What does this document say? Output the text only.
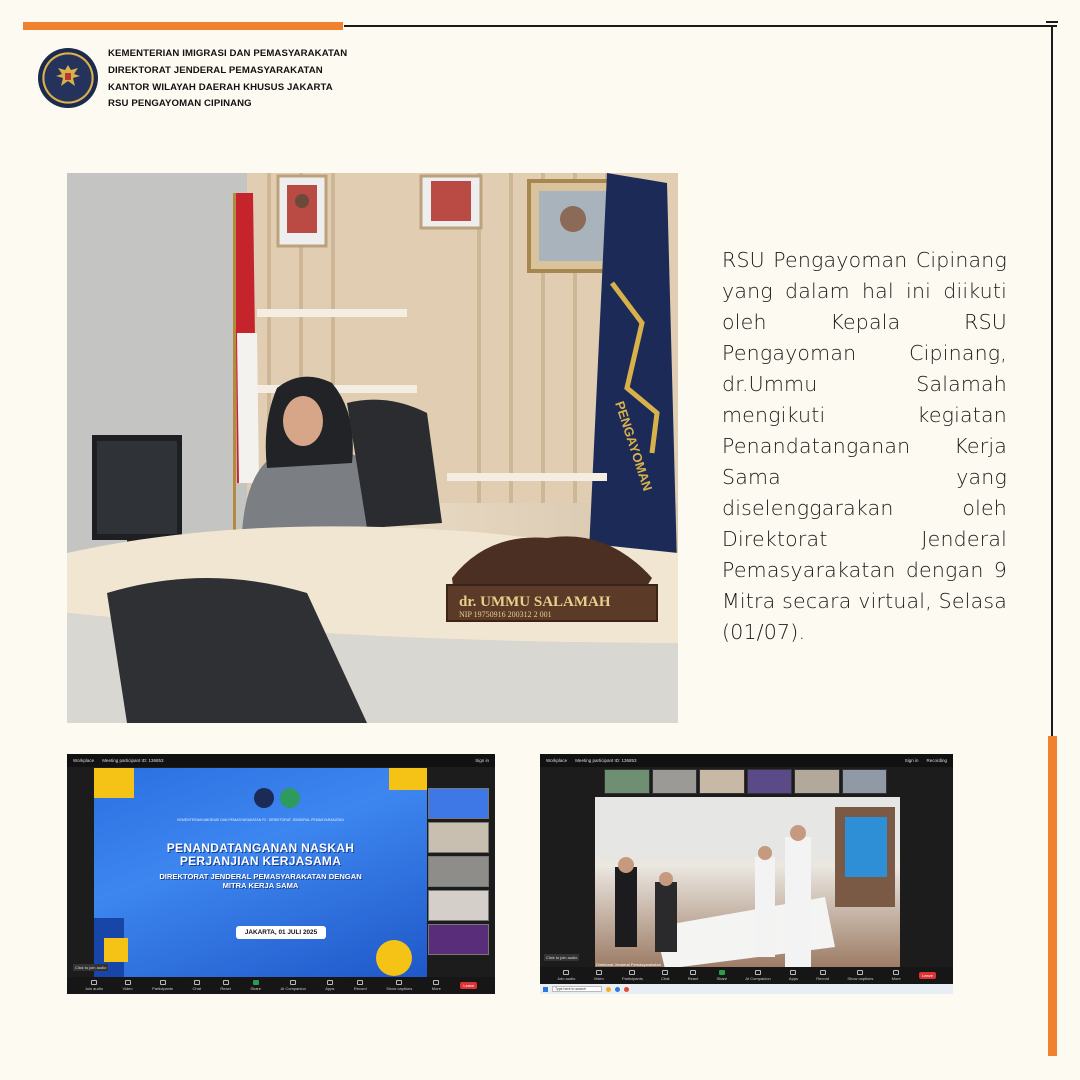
KEMENTERIAN IMIGRASI DAN PEMASYARAKATAN
DIREKTORAT JENDERAL PEMASYARAKATAN
KANTOR WILAYAH DAERAH KHUSUS JAKARTA
RSU PENGAYOMAN CIPINANG
PENGAYOMAN
dr. UMMU SALAMAH
NIP 19750916 200312 2 001
RSU Pengayoman Cipinang yang dalam hal ini diikuti oleh Kepala RSU Pengayoman Cipinang, dr.Ummu Salamah mengikuti kegiatan Penandatanganan Kerja Sama yang diselenggarakan oleh Direktorat Jenderal Pemasyarakatan dengan 9 Mitra secara virtual, Selasa (01/07).
Workplace Meeting participant ID: 136853	Sign in
KEMENTERIAN IMIGRASI DAN PEMASYARAKATAN RI · DIREKTORAT JENDERAL PEMASYARAKATAN
PENANDATANGANAN NASKAH
PERJANJIAN KERJASAMA
DIREKTORAT JENDERAL PEMASYARAKATAN DENGAN
MITRA KERJA SAMA
JAKARTA, 01 JULI 2025
Click to join audio
Join audio	Video	Participants	Chat	React	Share	AI Companion	Apps	Record	Show captions	More
Leave
Workplace Meeting participant ID: 136853	Sign in Recording
Direktorat Jenderal Pemasyarakatan
Click to join audio
Join audio	Video	Participants	Chat	React	Share	AI Companion	Apps	Record	Show captions	More
Leave
Type here to search
